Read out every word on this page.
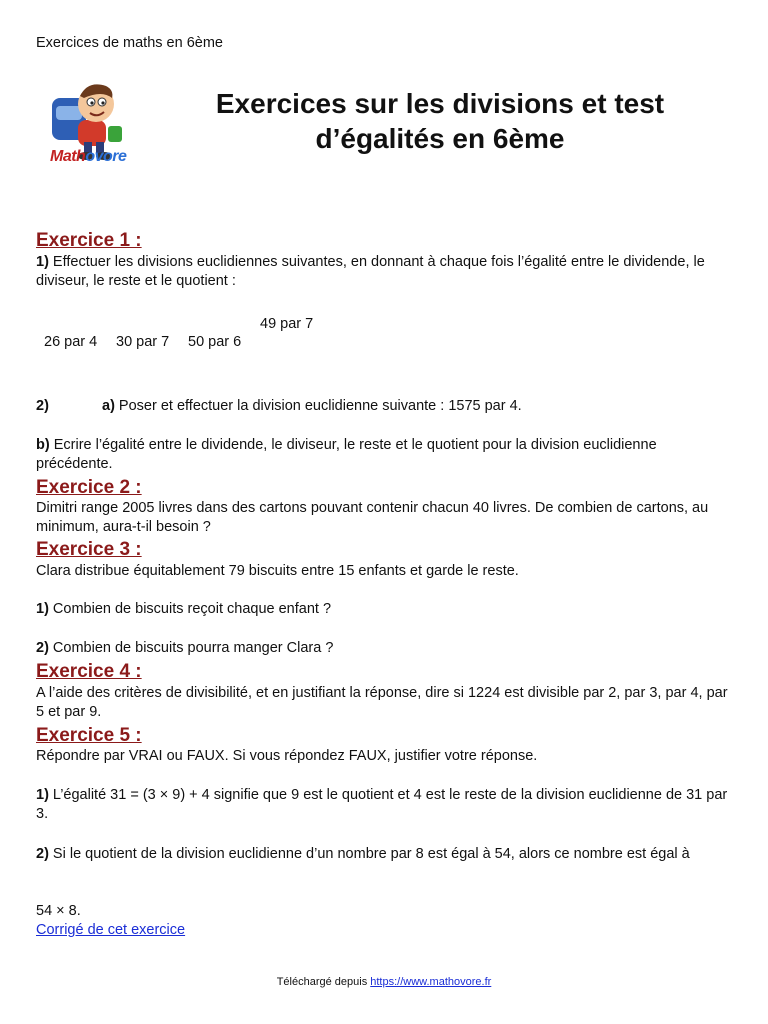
Exercices de maths en 6ème
Mathovore
Exercices sur les divisions et test
d’égalités en 6ème
Exercice 1 :
1) Effectuer les divisions euclidiennes suivantes, en donnant à chaque fois l’égalité entre le dividende, le diviseur, le reste et le quotient :
49 par 7
26 par 4 30 par 7 50 par 6
2)	a) Poser et effectuer la division euclidienne suivante : 1575 par 4.
b) Ecrire l’égalité entre le dividende, le diviseur, le reste et le quotient pour la division euclidienne précédente.
Exercice 2 :
Dimitri range 2005 livres dans des cartons pouvant contenir chacun 40 livres. De combien de cartons, au minimum, aura-t-il besoin ?
Exercice 3 :
Clara distribue équitablement 79 biscuits entre 15 enfants et garde le reste.
1) Combien de biscuits reçoit chaque enfant ?
2) Combien de biscuits pourra manger Clara ?
Exercice 4 :
A l’aide des critères de divisibilité, et en justifiant la réponse, dire si 1224 est divisible par 2, par 3, par 4, par 5 et par 9.
Exercice 5 :
Répondre par VRAI ou FAUX. Si vous répondez FAUX, justifier votre réponse.
1) L’égalité 31 = (3 × 9) + 4 signifie que 9 est le quotient et 4 est le reste de la division euclidienne de 31 par 3.
2) Si le quotient de la division euclidienne d’un nombre par 8 est égal à 54, alors ce nombre est égal à
54 × 8.
Corrigé de cet exercice
Téléchargé depuis https://www.mathovore.fr
